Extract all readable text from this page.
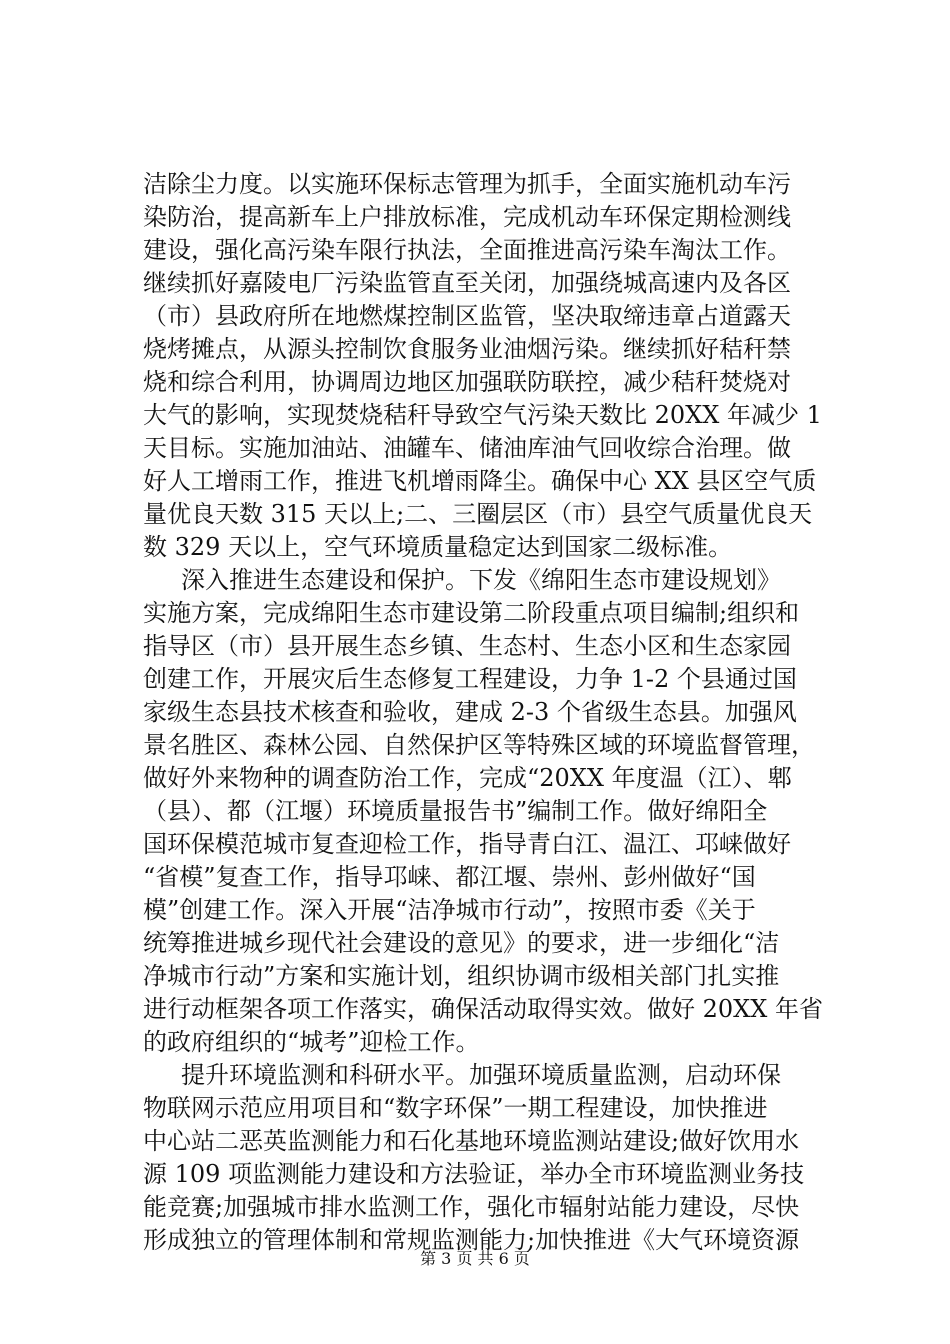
洁除尘力度。以实施环保标志管理为抓手，全面实施机动车污
染防治，提高新车上户排放标准，完成机动车环保定期检测线
建设，强化高污染车限行执法，全面推进高污染车淘汰工作。
继续抓好嘉陵电厂污染监管直至关闭，加强绕城高速内及各区
（市）县政府所在地燃煤控制区监管，坚决取缔违章占道露天
烧烤摊点，从源头控制饮食服务业油烟污染。继续抓好秸秆禁
烧和综合利用，协调周边地区加强联防联控，减少秸秆焚烧对
大气的影响，实现焚烧秸秆导致空气污染天数比 20XX 年减少 1
天目标。实施加油站、油罐车、储油库油气回收综合治理。做
好人工增雨工作，推进飞机增雨降尘。确保中心 XX 县区空气质
量优良天数 315 天以上;二、三圈层区（市）县空气质量优良天
数 329 天以上，空气环境质量稳定达到国家二级标准。
深入推进生态建设和保护。下发《绵阳生态市建设规划》
实施方案，完成绵阳生态市建设第二阶段重点项目编制;组织和
指导区（市）县开展生态乡镇、生态村、生态小区和生态家园
创建工作，开展灾后生态修复工程建设，力争 1-2 个县通过国
家级生态县技术核查和验收，建成 2-3 个省级生态县。加强风
景名胜区、森林公园、自然保护区等特殊区域的环境监督管理，
做好外来物种的调查防治工作，完成“20XX 年度温（江）、郫
（县）、都（江堰）环境质量报告书”编制工作。做好绵阳全
国环保模范城市复查迎检工作，指导青白江、温江、邛崃做好
“省模”复查工作，指导邛崃、都江堰、崇州、彭州做好“国
模”创建工作。深入开展“洁净城市行动”，按照市委《关于
统筹推进城乡现代社会建设的意见》的要求，进一步细化“洁
净城市行动”方案和实施计划，组织协调市级相关部门扎实推
进行动框架各项工作落实，确保活动取得实效。做好 20XX 年省
的政府组织的“城考”迎检工作。
提升环境监测和科研水平。加强环境质量监测，启动环保
物联网示范应用项目和“数字环保”一期工程建设，加快推进
中心站二恶英监测能力和石化基地环境监测站建设;做好饮用水
源 109 项监测能力建设和方法验证，举办全市环境监测业务技
能竞赛;加强城市排水监测工作，强化市辐射站能力建设，尽快
形成独立的管理体制和常规监测能力;加快推进《大气环境资源
第 3 页 共 6 页
